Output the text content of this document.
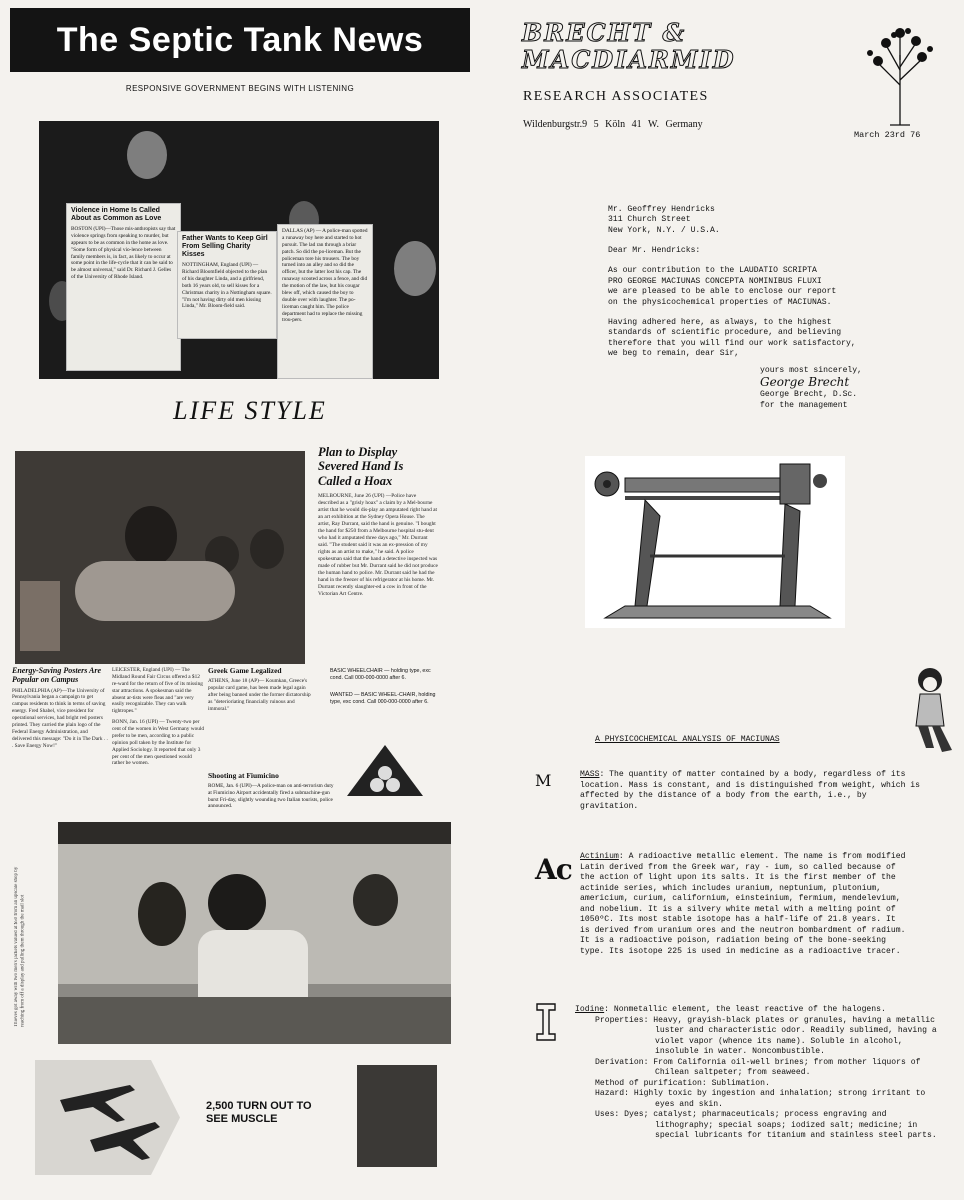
The Septic Tank News
RESPONSIVE GOVERNMENT BEGINS WITH LISTENING
Violence in Home Is Called About as Common as Love
BOSTON (UPI)—Those mis-anthropists say that violence springs from speaking to murder, but appears to be as common in the home as love. "Some form of physical vio-lence between family members is, in fact, as likely to occur at some point in the life-cycle that it can be said to be almost universal," said Dr. Richard J. Gelles of the University of Rhode Island.
Father Wants to Keep Girl From Selling Charity Kisses
NOTTINGHAM, England (UPI) —Richard Bloomfield objected to the plan of his daughter Linda, and a girlfriend, both 16 years old, to sell kisses for a Christmas charity in a Nottingham square. "I'm not having dirty old men kissing Linda," Mr. Bloom-field said.
DALLAS (AP) — A police-man spotted a runaway boy here and started to hot pursuit. The lad ran through a briar patch. So did the po-liceman. But the policeman tore his trousers. The boy turned into an alley and so did the officer, but the latter lost his cap. The runaway scooted across a fence, and did the motion of the law, but his cougar blew off, which caused the boy to double over with laughter. The po-liceman caught him. The police department had to replace the missing trou-pers.
LIFE STYLE
Plan to Display Severed Hand Is Called a Hoax

MELBOURNE, June 26 (UPI) —Police have described as a "grisly hoax" a claim by a Mel-bourne artist that he would dis-play an amputated right hand at an art exhibition at the Sydney Opera House. The artist, Ray Durrant, said the hand is genuine. "I bought the hand for $250 from a Melbourne hospital stu-dent who had it amputated three days ago," Mr. Durrant said. "The student said it was an ex-pression of my rights as an artist to make," he said. A police spokesman said that the hand a detective inspected was made of rubber but Mr. Durrant said he did not produce the human hand to police. Mr. Durrant said he had the hand in the freezer of his refrigerator at his home. Mr. Durrant recently slaughter-ed a cow in front of the Victorian Art Centre.

Energy-Saving Posters Are Popular on Campus
PHILADELPHIA (AP)—The University of Pennsylvania began a campaign to get campus residents to think in terms of saving energy. Fred Shabel, vice president for operational services, had bright red posters printed. They carried the plain logo of the Federal Energy Administration, and delivered this message: "Do it in The Dark . . . Save Energy Now!"
LEICESTER, England (UPI) — The Midland Round Fair Circus offered a $12 re-ward for the return of five of its missing star attractions. A spokesman said the absent ar-tists were fleas and "are very easily recognizable. They can walk tightropes."
BONN, Jan. 16 (UPI) — Twenty-two per cent of the women in West Germany would prefer to be men, according to a public opinion poll taken by the Institute for Applied Sociology. It reported that only 3 per cent of the men questioned would rather be women.
Greek Game Legalized
ATHENS, June 18 (AP)— Koumkan, Greece's popular card game, has been made legal again after being banned under the former dictatorship as "deterioriating financially ruinous and immoral."
BASIC WHEELCHAIR — holding type, exc cond. Call 000-000-0000 after 6.
WANTED — BASIC WHEEL-CHAIR, holding type, exc cond. Call 000-000-0000 after 6.
Shooting at Fiumicino
ROME, Jan. 6 (UPI)—A police-man on anti-terrorism duty at Fiumicino Airport accidentally fired a submachine-gun burst Fri-day, slightly wounding two Italian tourists, police announced.
Thieves got away with two men's jackets valued at $50 from an upscale shop by reaching from off a display and pulling them through the mail slot
2,500 TURN OUT TO SEE MUSCLE
BRECHT &
MACDIARMID
RESEARCH ASSOCIATES
Wildenburgstr.9 5 Köln 41 W. Germany
March 23rd 76

Mr. Geoffrey Hendricks
311 Church Street
New York, N.Y. / U.S.A.

Dear Mr. Hendricks:

As our contribution to the LAUDATIO SCRIPTA
PRO GEORGE MACIUNAS CONCEPTA NOMINIBUS FLUXI
we are pleased to be able to enclose our report
on the physicochemical properties of MACIUNAS.

Having adhered here, as always, to the highest
standards of scientific procedure, and believing
therefore that you will find our work satisfactory,
we beg to remain, dear Sir,

yours most sincerely,
George Brecht
George Brecht, D.Sc.
for the management
A PHYSICOCHEMICAL ANALYSIS OF MACIUNAS
M	MASS: The quantity of matter contained by a body, regardless of its location. Mass is constant, and is distinguished from weight, which is affected by the distance of a body from the earth, i.e., by gravitation.
Ac Actinium: A radioactive metallic element. The name is from modified Latin derived from the Greek war, ray - ium, so called because of the action of light upon its salts. It is the first member of the actinide series, which includes uranium, neptunium, plutonium, americium, curium, californium, einsteinium, fermium, mendelevium, and nobelium. It is a silvery white metal with a melting point of 1050ºC. Its most stable isotope has a half-life of 21.8 years. It is derived from uranium ores and the neutron bombardment of radium. It is a radioactive poison, radiation being of the bone-seeking type. Its isotope 225 is used in medicine as a radioactive tracer.
Iodine: Nonmetallic element, the least reactive of the halogens.
Properties: Heavy, grayish-black plates or granules, having a metallic luster and characteristic odor. Readily sublimed, having a violet vapor (whence its name). Soluble in alcohol, insoluble in water. Noncombustible.
Derivation: From California oil-well brines; from mother liquors of Chilean saltpeter; from seaweed.
Method of purification: Sublimation.
Hazard: Highly toxic by ingestion and inhalation; strong irritant to eyes and skin.
Uses: Dyes; catalyst; pharmaceuticals; process engraving and lithography; special soaps; iodized salt; medicine; in special lubricants for titanium and stainless steel parts.
